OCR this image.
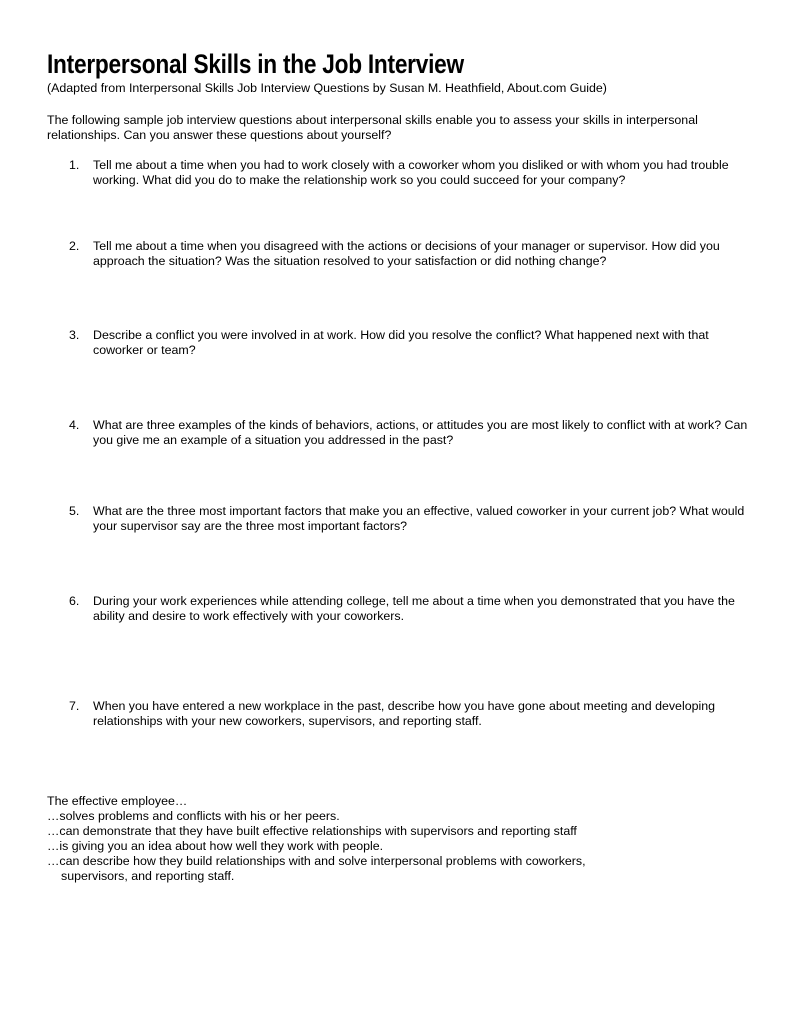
Interpersonal Skills in the Job Interview
(Adapted from Interpersonal Skills Job Interview Questions by Susan M. Heathfield, About.com Guide)
The following sample job interview questions about interpersonal skills enable you to assess your skills in interpersonal relationships. Can you answer these questions about yourself?
1. Tell me about a time when you had to work closely with a coworker whom you disliked or with whom you had trouble working. What did you do to make the relationship work so you could succeed for your company?
2. Tell me about a time when you disagreed with the actions or decisions of your manager or supervisor. How did you approach the situation? Was the situation resolved to your satisfaction or did nothing change?
3. Describe a conflict you were involved in at work. How did you resolve the conflict? What happened next with that coworker or team?
4. What are three examples of the kinds of behaviors, actions, or attitudes you are most likely to conflict with at work? Can you give me an example of a situation you addressed in the past?
5. What are the three most important factors that make you an effective, valued coworker in your current job? What would your supervisor say are the three most important factors?
6. During your work experiences while attending college, tell me about a time when you demonstrated that you have the ability and desire to work effectively with your coworkers.
7. When you have entered a new workplace in the past, describe how you have gone about meeting and developing relationships with your new coworkers, supervisors, and reporting staff.
The effective employee…
…solves problems and conflicts with his or her peers.
…can demonstrate that they have built effective relationships with supervisors and reporting staff
…is giving you an idea about how well they work with people.
…can describe how they build relationships with and solve interpersonal problems with coworkers,
supervisors, and reporting staff.
